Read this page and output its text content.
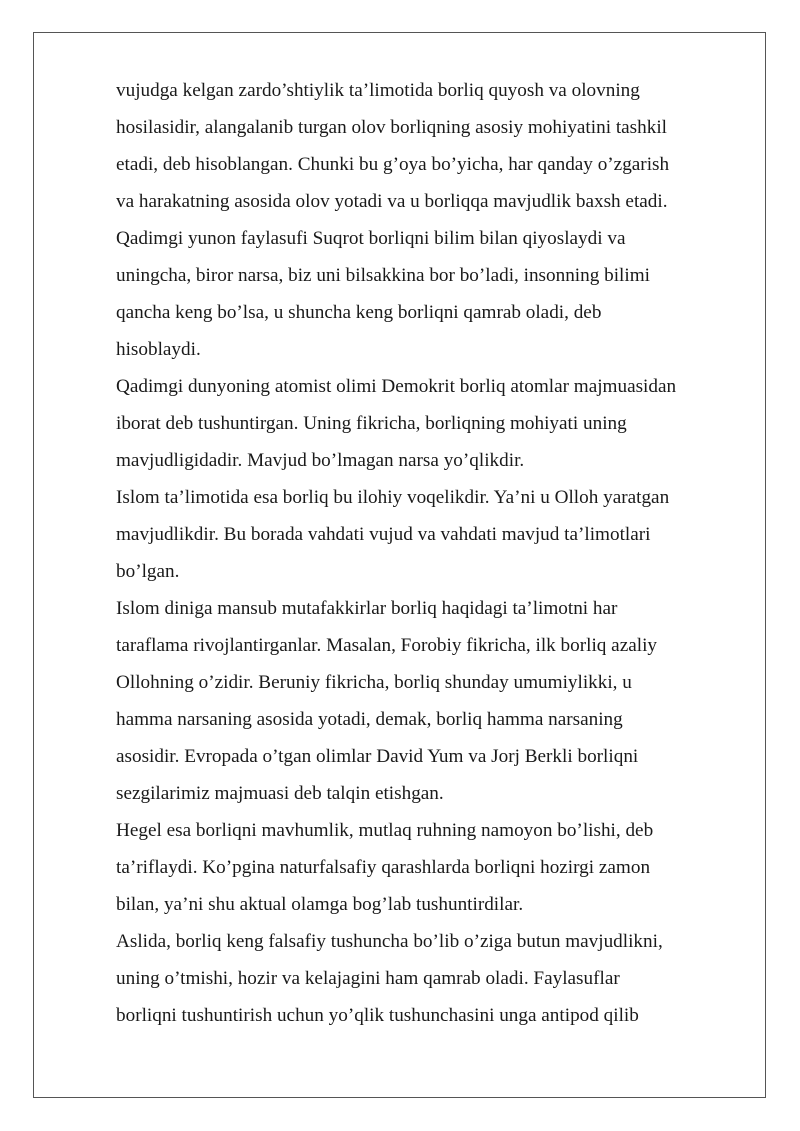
vujudga kelgan zardo’shtiylik ta’limotida borliq quyosh va olovning
hosilasidir, alangalanib turgan olov borliqning asosiy mohiyatini tashkil
etadi, deb hisoblangan. Chunki bu g’oya bo’yicha, har qanday o’zgarish
va harakatning asosida olov yotadi va u borliqqa mavjudlik baxsh etadi.
Qadimgi yunon faylasufi Suqrot borliqni bilim bilan qiyoslaydi va
uningcha, biror narsa, biz uni bilsakkina bor bo’ladi, insonning bilimi
qancha keng bo’lsa, u shuncha keng borliqni qamrab oladi, deb
hisoblaydi.
Qadimgi dunyoning atomist olimi Demokrit borliq atomlar majmuasidan
iborat deb tushuntirgan. Uning fikricha, borliqning mohiyati uning
mavjudligidadir. Mavjud bo’lmagan narsa yo’qlikdir.
Islom ta’limotida esa borliq bu ilohiy voqelikdir. Ya’ni u Olloh yaratgan
mavjudlikdir. Bu borada vahdati vujud va vahdati mavjud ta’limotlari
bo’lgan.
Islom diniga mansub mutafakkirlar borliq haqidagi ta’limotni har
taraflama rivojlantirganlar. Masalan, Forobiy fikricha, ilk borliq azaliy
Ollohning o’zidir. Beruniy fikricha, borliq shunday umumiylikki, u
hamma narsaning asosida yotadi, demak, borliq hamma narsaning
asosidir. Evropada o’tgan olimlar David Yum va Jorj Berkli borliqni
sezgilarimiz majmuasi deb talqin etishgan.
Hegel esa borliqni mavhumlik, mutlaq ruhning namoyon bo’lishi, deb
ta’riflaydi. Ko’pgina naturfalsafiy qarashlarda borliqni hozirgi zamon
bilan, ya’ni shu aktual olamga bog’lab tushuntirdilar.
Aslida, borliq keng falsafiy tushuncha bo’lib o’ziga butun mavjudlikni,
uning o’tmishi, hozir va kelajagini ham qamrab oladi. Faylasuflar
borliqni tushuntirish uchun yo’qlik tushunchasini unga antipod qilib
